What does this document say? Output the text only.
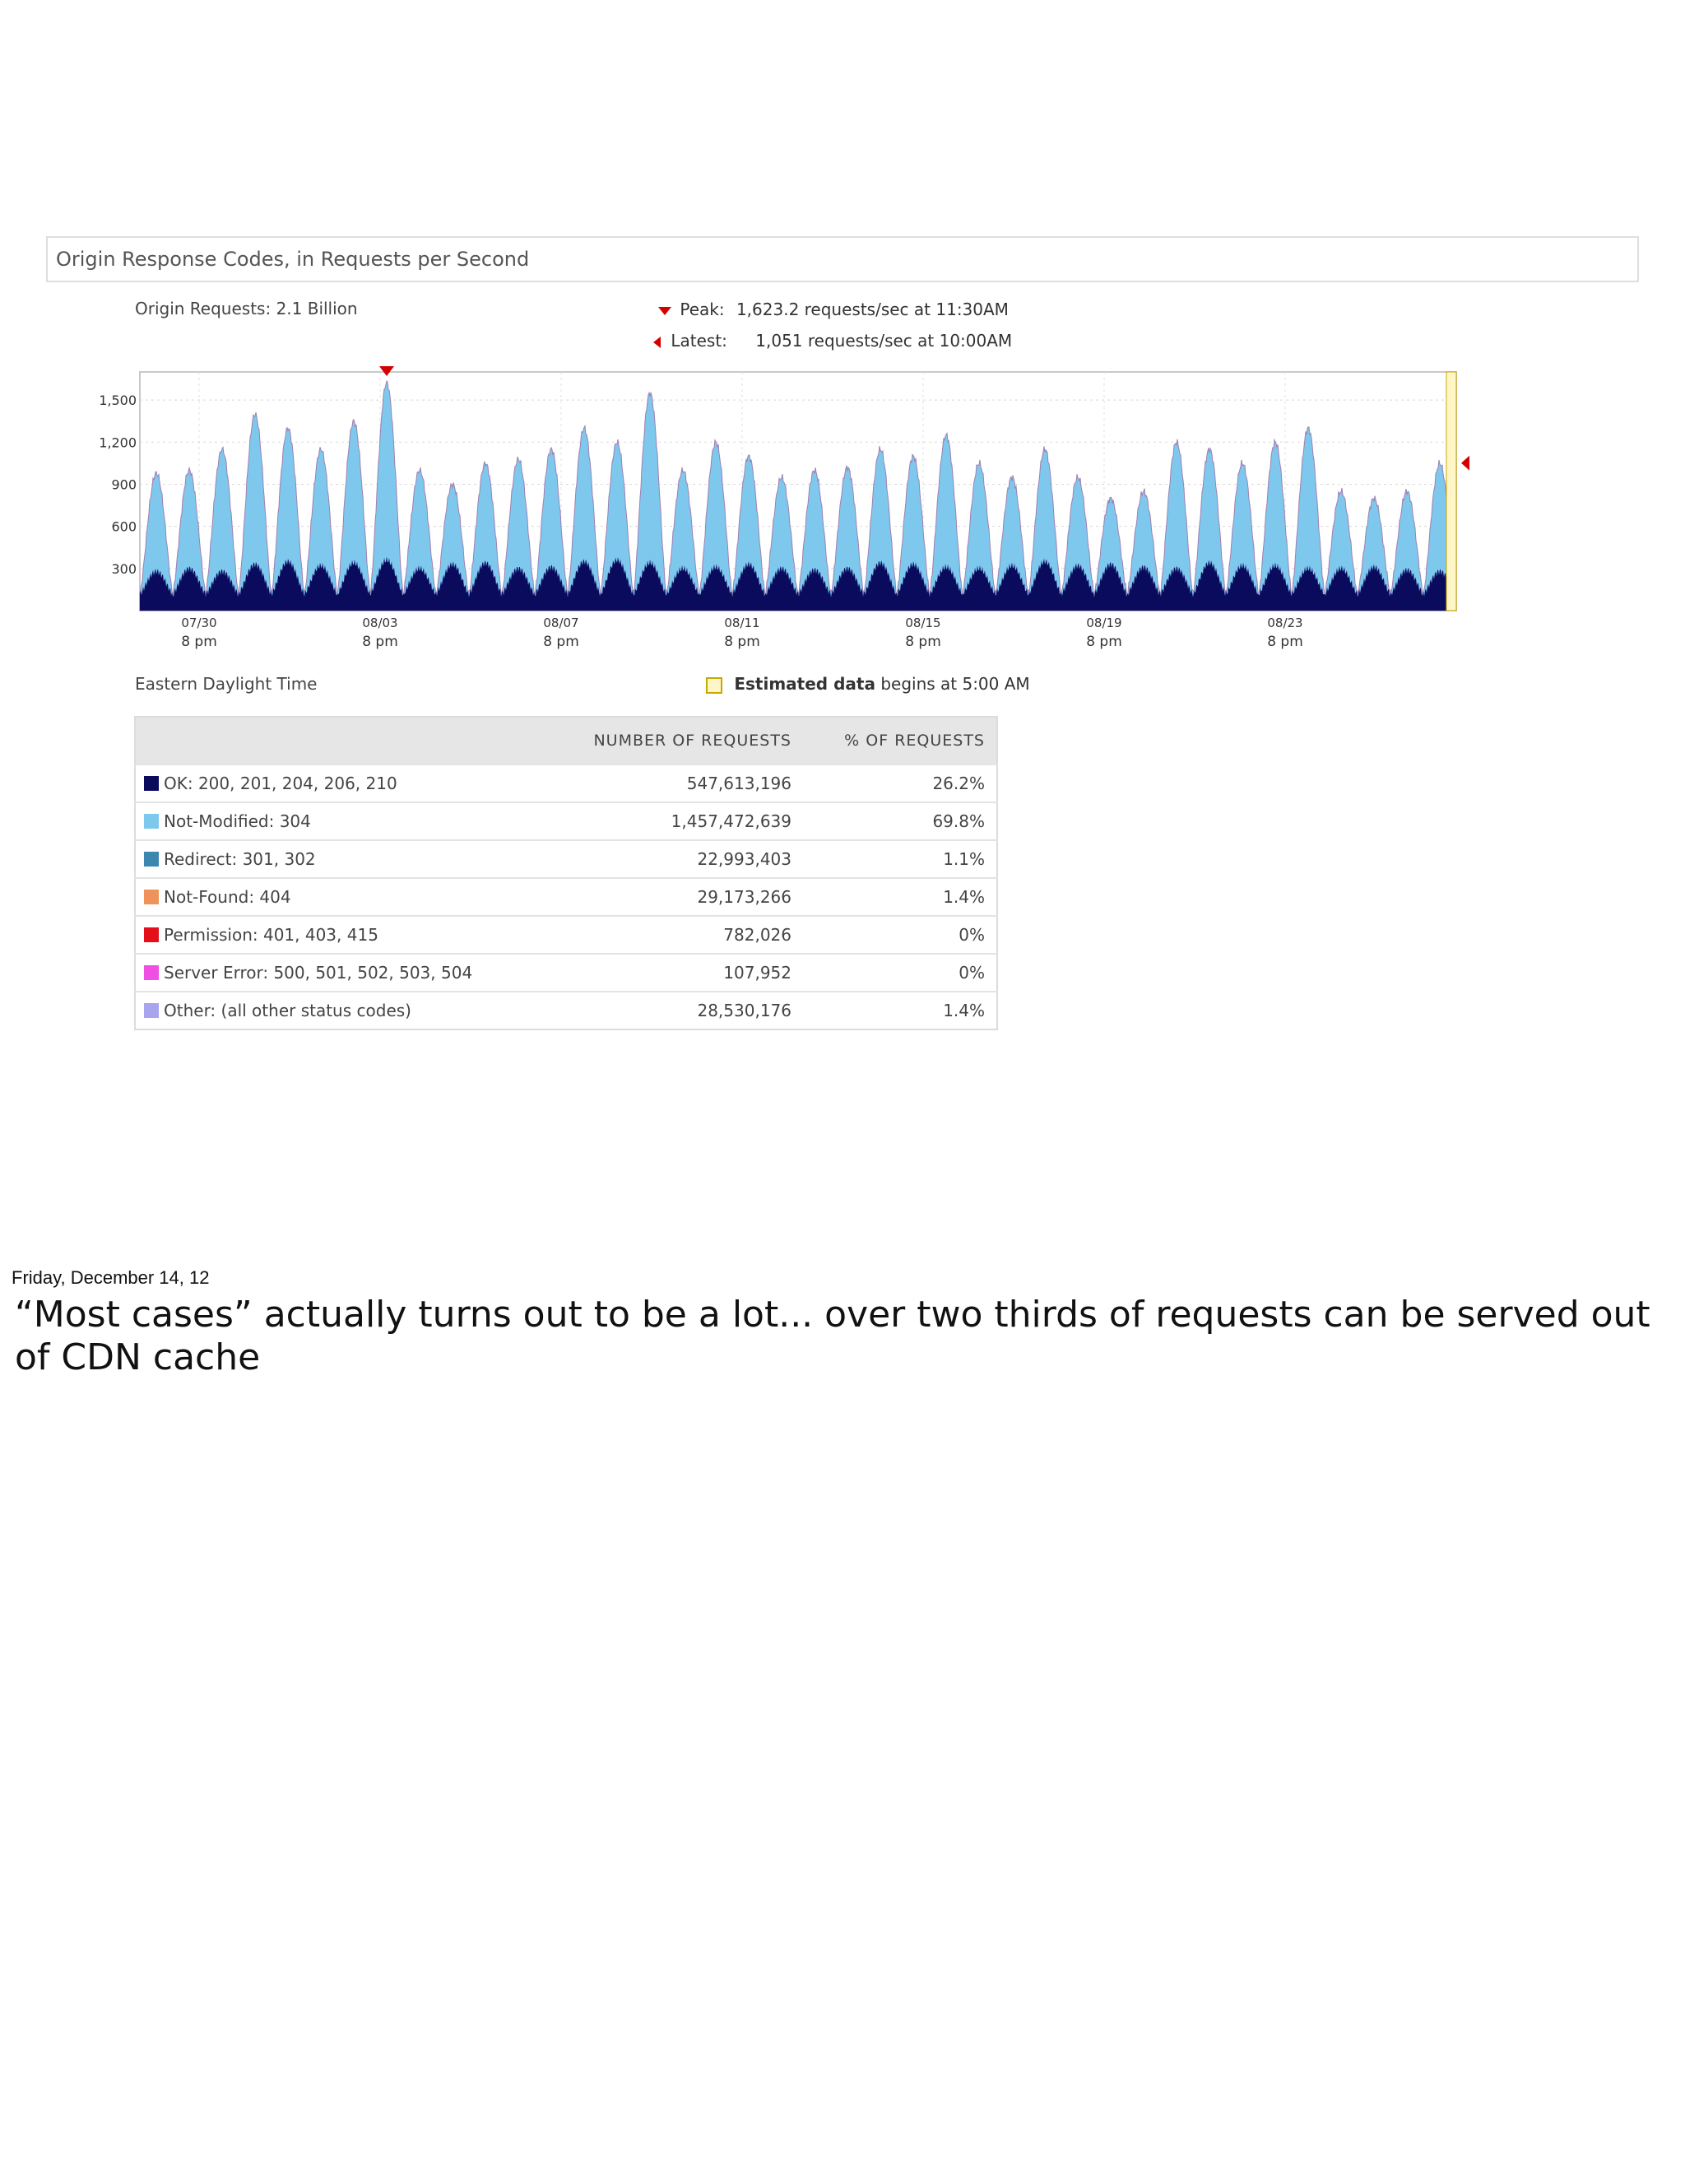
Origin Response Codes, in Requests per Second
Origin Requests: 2.1 Billion	Peak: 1,623.2 requests/sec at 11:30AM
Latest: 1,051 requests/sec at 10:00AM
1,500
1,200
900
600
300
07/30
8 pm
08/03
8 pm
08/07
8 pm
08/11
8 pm
08/15
8 pm
08/19
8 pm
08/23
8 pm
Eastern Daylight Time	Estimated data begins at 5:00 AM
	NUMBER OF REQUESTS	% OF REQUESTS
OK: 200, 201, 204, 206, 210	547,613,196	26.2%
Not-Modified: 304	1,457,472,639	69.8%
Redirect: 301, 302	22,993,403	1.1%
Not-Found: 404	29,173,266	1.4%
Permission: 401, 403, 415	782,026	0%
Server Error: 500, 501, 502, 503, 504	107,952	0%
Other: (all other status codes)	28,530,176	1.4%
Friday, December 14, 12
“Most cases” actually turns out to be a lot... over two thirds of requests can be served out of CDN cache
